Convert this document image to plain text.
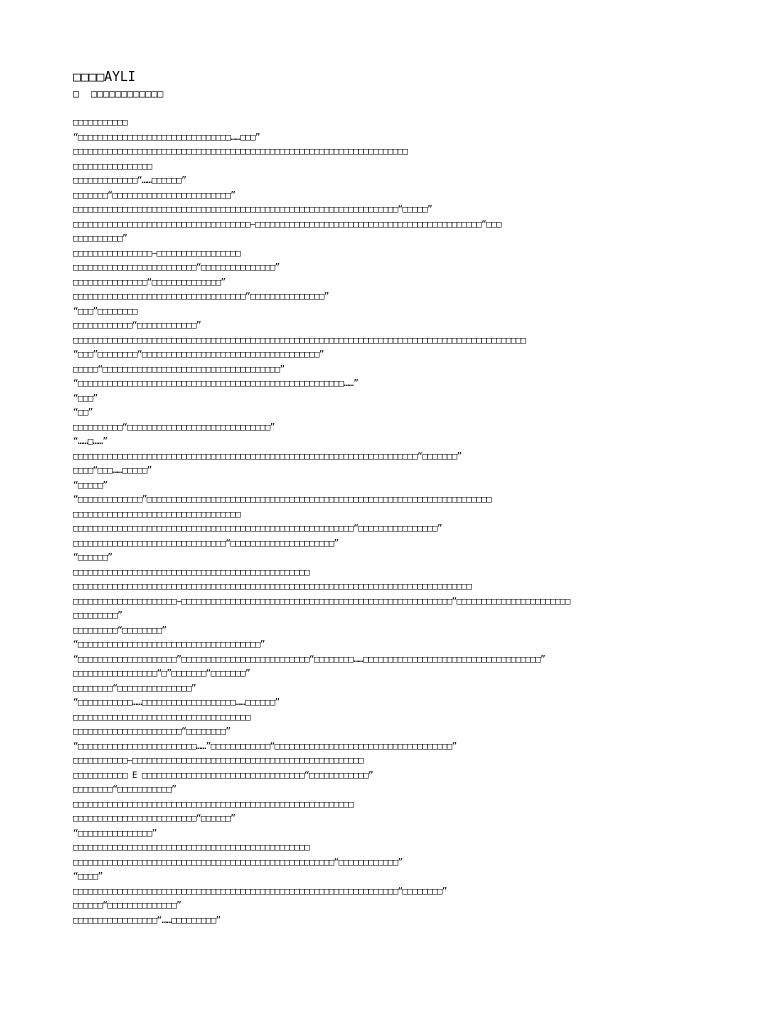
□□□□AYLI
□  □□□□□□□□□□□□
□□□□□□□□□□□
“□□□□□□□□□□□□□□□□□□□□□□□□□□□□□□□……□□□”
□□□□□□□□□□□□□□□□□□□□□□□□□□□□□□□□□□□□□□□□□□□□□□□□□□□□□□□□□□□□□□□□□□□□
□□□□□□□□□□□□□□□□
□□□□□□□□□□□□□“……□□□□□□”
□□□□□□□“□□□□□□□□□□□□□□□□□□□□□□□□”
□□□□□□□□□□□□□□□□□□□□□□□□□□□□□□□□□□□□□□□□□□□□□□□□□□□□□□□□□□□□□□□□□□“□□□□□”
□□□□□□□□□□□□□□□□□□□□□□□□□□□□□□□□□□□□—□□□□□□□□□□□□□□□□□□□□□□□□□□□□□□□□□□□□□□□□□□□□□□“□□□
□□□□□□□□□□”
□□□□□□□□□□□□□□□□—□□□□□□□□□□□□□□□□□
□□□□□□□□□□□□□□□□□□□□□□□□□“□□□□□□□□□□□□□□□”
□□□□□□□□□□□□□□□“□□□□□□□□□□□□□□”
□□□□□□□□□□□□□□□□□□□□□□□□□□□□□□□□□□□“□□□□□□□□□□□□□□□”
“□□□”□□□□□□□□
□□□□□□□□□□□□“□□□□□□□□□□□□”
□□□□□□□□□□□□□□□□□□□□□□□□□□□□□□□□□□□□□□□□□□□□□□□□□□□□□□□□□□□□□□□□□□□□□□□□□□□□□□□□□□□□□□□□□□□□
“□□□”□□□□□□□□“□□□□□□□□□□□□□□□□□□□□□□□□□□□□□□□□□□□□”
□□□□□“□□□□□□□□□□□□□□□□□□□□□□□□□□□□□□□□□□□□”
“□□□□□□□□□□□□□□□□□□□□□□□□□□□□□□□□□□□□□□□□□□□□□□□□□□□□□□……”
“□□□”
“□□”
□□□□□□□□□□“□□□□□□□□□□□□□□□□□□□□□□□□□□□□□”
“……□……”
□□□□□□□□□□□□□□□□□□□□□□□□□□□□□□□□□□□□□□□□□□□□□□□□□□□□□□□□□□□□□□□□□□□□□□“□□□□□□□”
□□□□“□□□……□□□□□”
“□□□□□”
“□□□□□□□□□□□□□”□□□□□□□□□□□□□□□□□□□□□□□□□□□□□□□□□□□□□□□□□□□□□□□□□□□□□□□□□□□□□□□□□□□□□□
□□□□□□□□□□□□□□□□□□□□□□□□□□□□□□□□□□
□□□□□□□□□□□□□□□□□□□□□□□□□□□□□□□□□□□□□□□□□□□□□□□□□□□□□□□□□“□□□□□□□□□□□□□□□□”
□□□□□□□□□□□□□□□□□□□□□□□□□□□□□□□“□□□□□□□□□□□□□□□□□□□□□”
“□□□□□□”
□□□□□□□□□□□□□□□□□□□□□□□□□□□□□□□□□□□□□□□□□□□□□□□□
□□□□□□□□□□□□□□□□□□□□□□□□□□□□□□□□□□□□□□□□□□□□□□□□□□□□□□□□□□□□□□□□□□□□□□□□□□□□□□□□□
□□□□□□□□□□□□□□□□□□□□□—□□□□□□□□□□□□□□□□□□□□□□□□□□□□□□□□□□□□□□□□□□□□□□□□□□□□□□□“□□□□□□□□□□□□□□□□□□□□□□□
□□□□□□□□□”
□□□□□□□□□“□□□□□□□□”
“□□□□□□□□□□□□□□□□□□□□□□□□□□□□□□□□□□□□□”
“□□□□□□□□□□□□□□□□□□□□”□□□□□□□□□□□□□□□□□□□□□□□□□□“□□□□□□□□……□□□□□□□□□□□□□□□□□□□□□□□□□□□□□□□□□□□□”
□□□□□□□□□□□□□□□□□“□”□□□□□□□“□□□□□□□”
□□□□□□□□“□□□□□□□□□□□□□□□”
“□□□□□□□□□□□……□□□□□□□□□□□□□□□□□□□……□□□□□□”
□□□□□□□□□□□□□□□□□□□□□□□□□□□□□□□□□□□□
□□□□□□□□□□□□□□□□□□□□□□“□□□□□□□□”
“□□□□□□□□□□□□□□□□□□□□□□□□……”□□□□□□□□□□□□“□□□□□□□□□□□□□□□□□□□□□□□□□□□□□□□□□□□□”
□□□□□□□□□□□—□□□□□□□□□□□□□□□□□□□□□□□□□□□□□□□□□□□□□□□□□□□□□□□
□□□□□□□□□□□ E □□□□□□□□□□□□□□□□□□□□□□□□□□□□□□□□□“□□□□□□□□□□□□”
□□□□□□□□“□□□□□□□□□□□”
□□□□□□□□□□□□□□□□□□□□□□□□□□□□□□□□□□□□□□□□□□□□□□□□□□□□□□□□□
□□□□□□□□□□□□□□□□□□□□□□□□□“□□□□□□”
“□□□□□□□□□□□□□□□”
□□□□□□□□□□□□□□□□□□□□□□□□□□□□□□□□□□□□□□□□□□□□□□□□
□□□□□□□□□□□□□□□□□□□□□□□□□□□□□□□□□□□□□□□□□□□□□□□□□□□□□“□□□□□□□□□□□□”
“□□□□”
□□□□□□□□□□□□□□□□□□□□□□□□□□□□□□□□□□□□□□□□□□□□□□□□□□□□□□□□□□□□□□□□□□“□□□□□□□□”
□□□□□□“□□□□□□□□□□□□□□”
□□□□□□□□□□□□□□□□□“……□□□□□□□□□”
